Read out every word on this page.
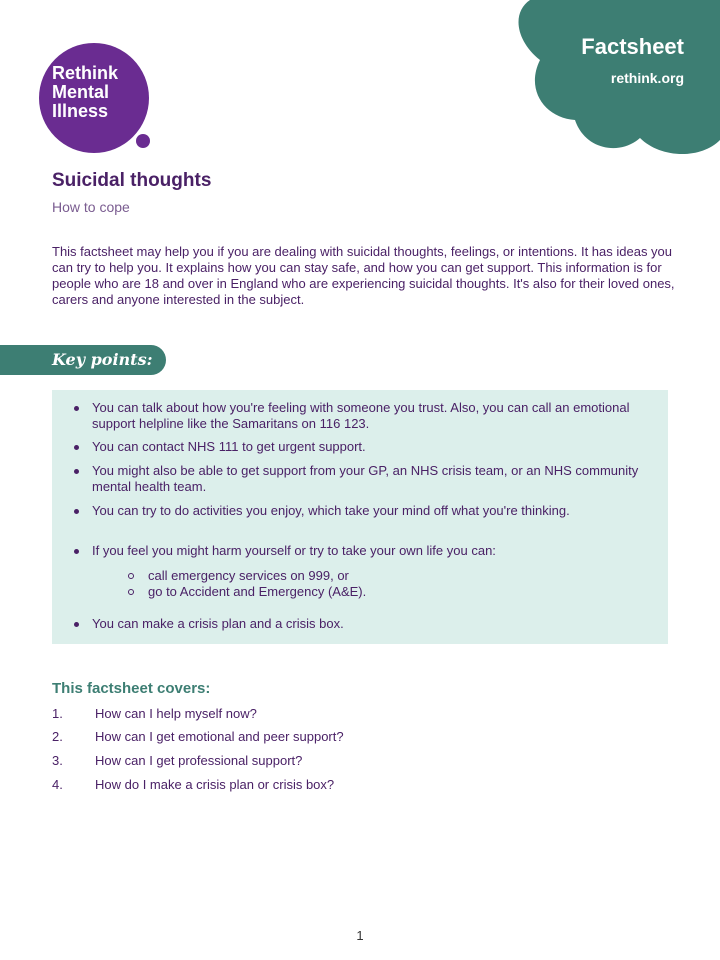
Factsheet
rethink.org
Rethink
Mental
Illness
Suicidal thoughts

How to cope

This factsheet may help you if you are dealing with suicidal thoughts, feelings, or intentions. It has ideas you can try to help you. It explains how you can stay safe, and how you can get support. This information is for people who are 18 and over in England who are experiencing suicidal thoughts. It's also for their loved ones, carers and anyone interested in the subject.

Key points:
You can talk about how you're feeling with someone you trust. Also, you can call an emotional support helpline like the Samaritans on 116 123.
You can contact NHS 111 to get urgent support.
You might also be able to get support from your GP, an NHS crisis team, or an NHS community mental health team.
You can try to do activities you enjoy, which take your mind off what you're thinking.
If you feel you might harm yourself or try to take your own life you can:
call emergency services on 999, or
go to Accident and Emergency (A&E).
You can make a crisis plan and a crisis box.
This factsheet covers:
1. How can I help myself now?
2. How can I get emotional and peer support?
3. How can I get professional support?
4. How do I make a crisis plan or crisis box?
1
